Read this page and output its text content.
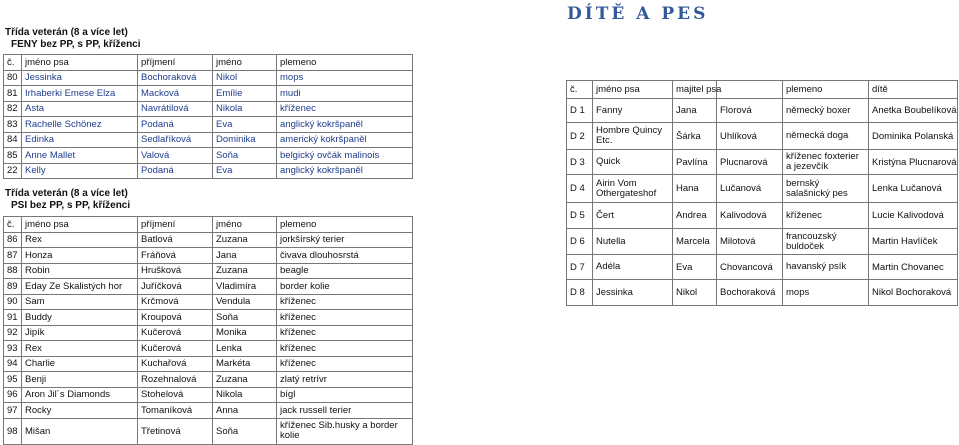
Třída veterán (8 a více let)
FENY bez PP, s PP, kříženci
č.	jméno psa	příjmení	jméno	plemeno
80	Jessinka	Bochoraková	Nikol	mops
81	Irhaberki Emese Elza	Macková	Emílie	mudi
82	Asta	Navrátilová	Nikola	kříženec
83	Rachelle Schönez	Podaná	Eva	anglický kokršpaněl
84	Edinka	Sedlaříková	Dominika	americký kokršpaněl
85	Anne Mallet	Valová	Soňa	belgický ovčák malinois
22	Kelly	Podaná	Eva	anglický kokršpaněl
Třída veterán (8 a více let)
PSI bez PP, s PP, kříženci
č.	jméno psa	příjmení	jméno	plemeno
86	Rex	Batlová	Zuzana	jorkšírský terier
87	Honza	Fráňová	Jana	čivava dlouhosrstá
88	Robin	Hrušková	Zuzana	beagle
89	Eday Ze Skalistých hor	Juříčková	Vladimíra	border kolie
90	Sam	Krčmová	Vendula	kříženec
91	Buddy	Kroupová	Soňa	kříženec
92	Jipík	Kučerová	Monika	kříženec
93	Rex	Kučerová	Lenka	kříženec
94	Charlie	Kuchařová	Markéta	kříženec
95	Benji	Rozehnalová	Zuzana	zlatý retrívr
96	Aron Jil´s Diamonds	Stohelová	Nikola	bígl
97	Rocky	Tomaníková	Anna	jack russell terier
98	Mišan	Třetinová	Soňa	kříženec Sib.husky a border kolie
DÍTĚ A PES
č.	jméno psa	majitel psa		plemeno	dítě
D 1	Fanny	Jana	Florová	německý boxer	Anetka Boubelíková
D 2	Hombre Quincy Etc.	Šárka	Uhlíková	německá doga	Dominika Polanská
D 3	Quick	Pavlína	Plucnarová	kříženec foxterier a jezevčík	Kristýna Plucnarová
D 4	Airin Vom Othergateshof	Hana	Lučanová	bernský salašnický pes	Lenka Lučanová
D 5	Čert	Andrea	Kalivodová	kříženec	Lucie Kalivodová
D 6	Nutella	Marcela	Milotová	francouzský buldoček	Martin Havlíček
D 7	Adéla	Eva	Chovancová	havanský psík	Martin Chovanec
D 8	Jessinka	Nikol	Bochoraková	mops	Nikol Bochoraková
